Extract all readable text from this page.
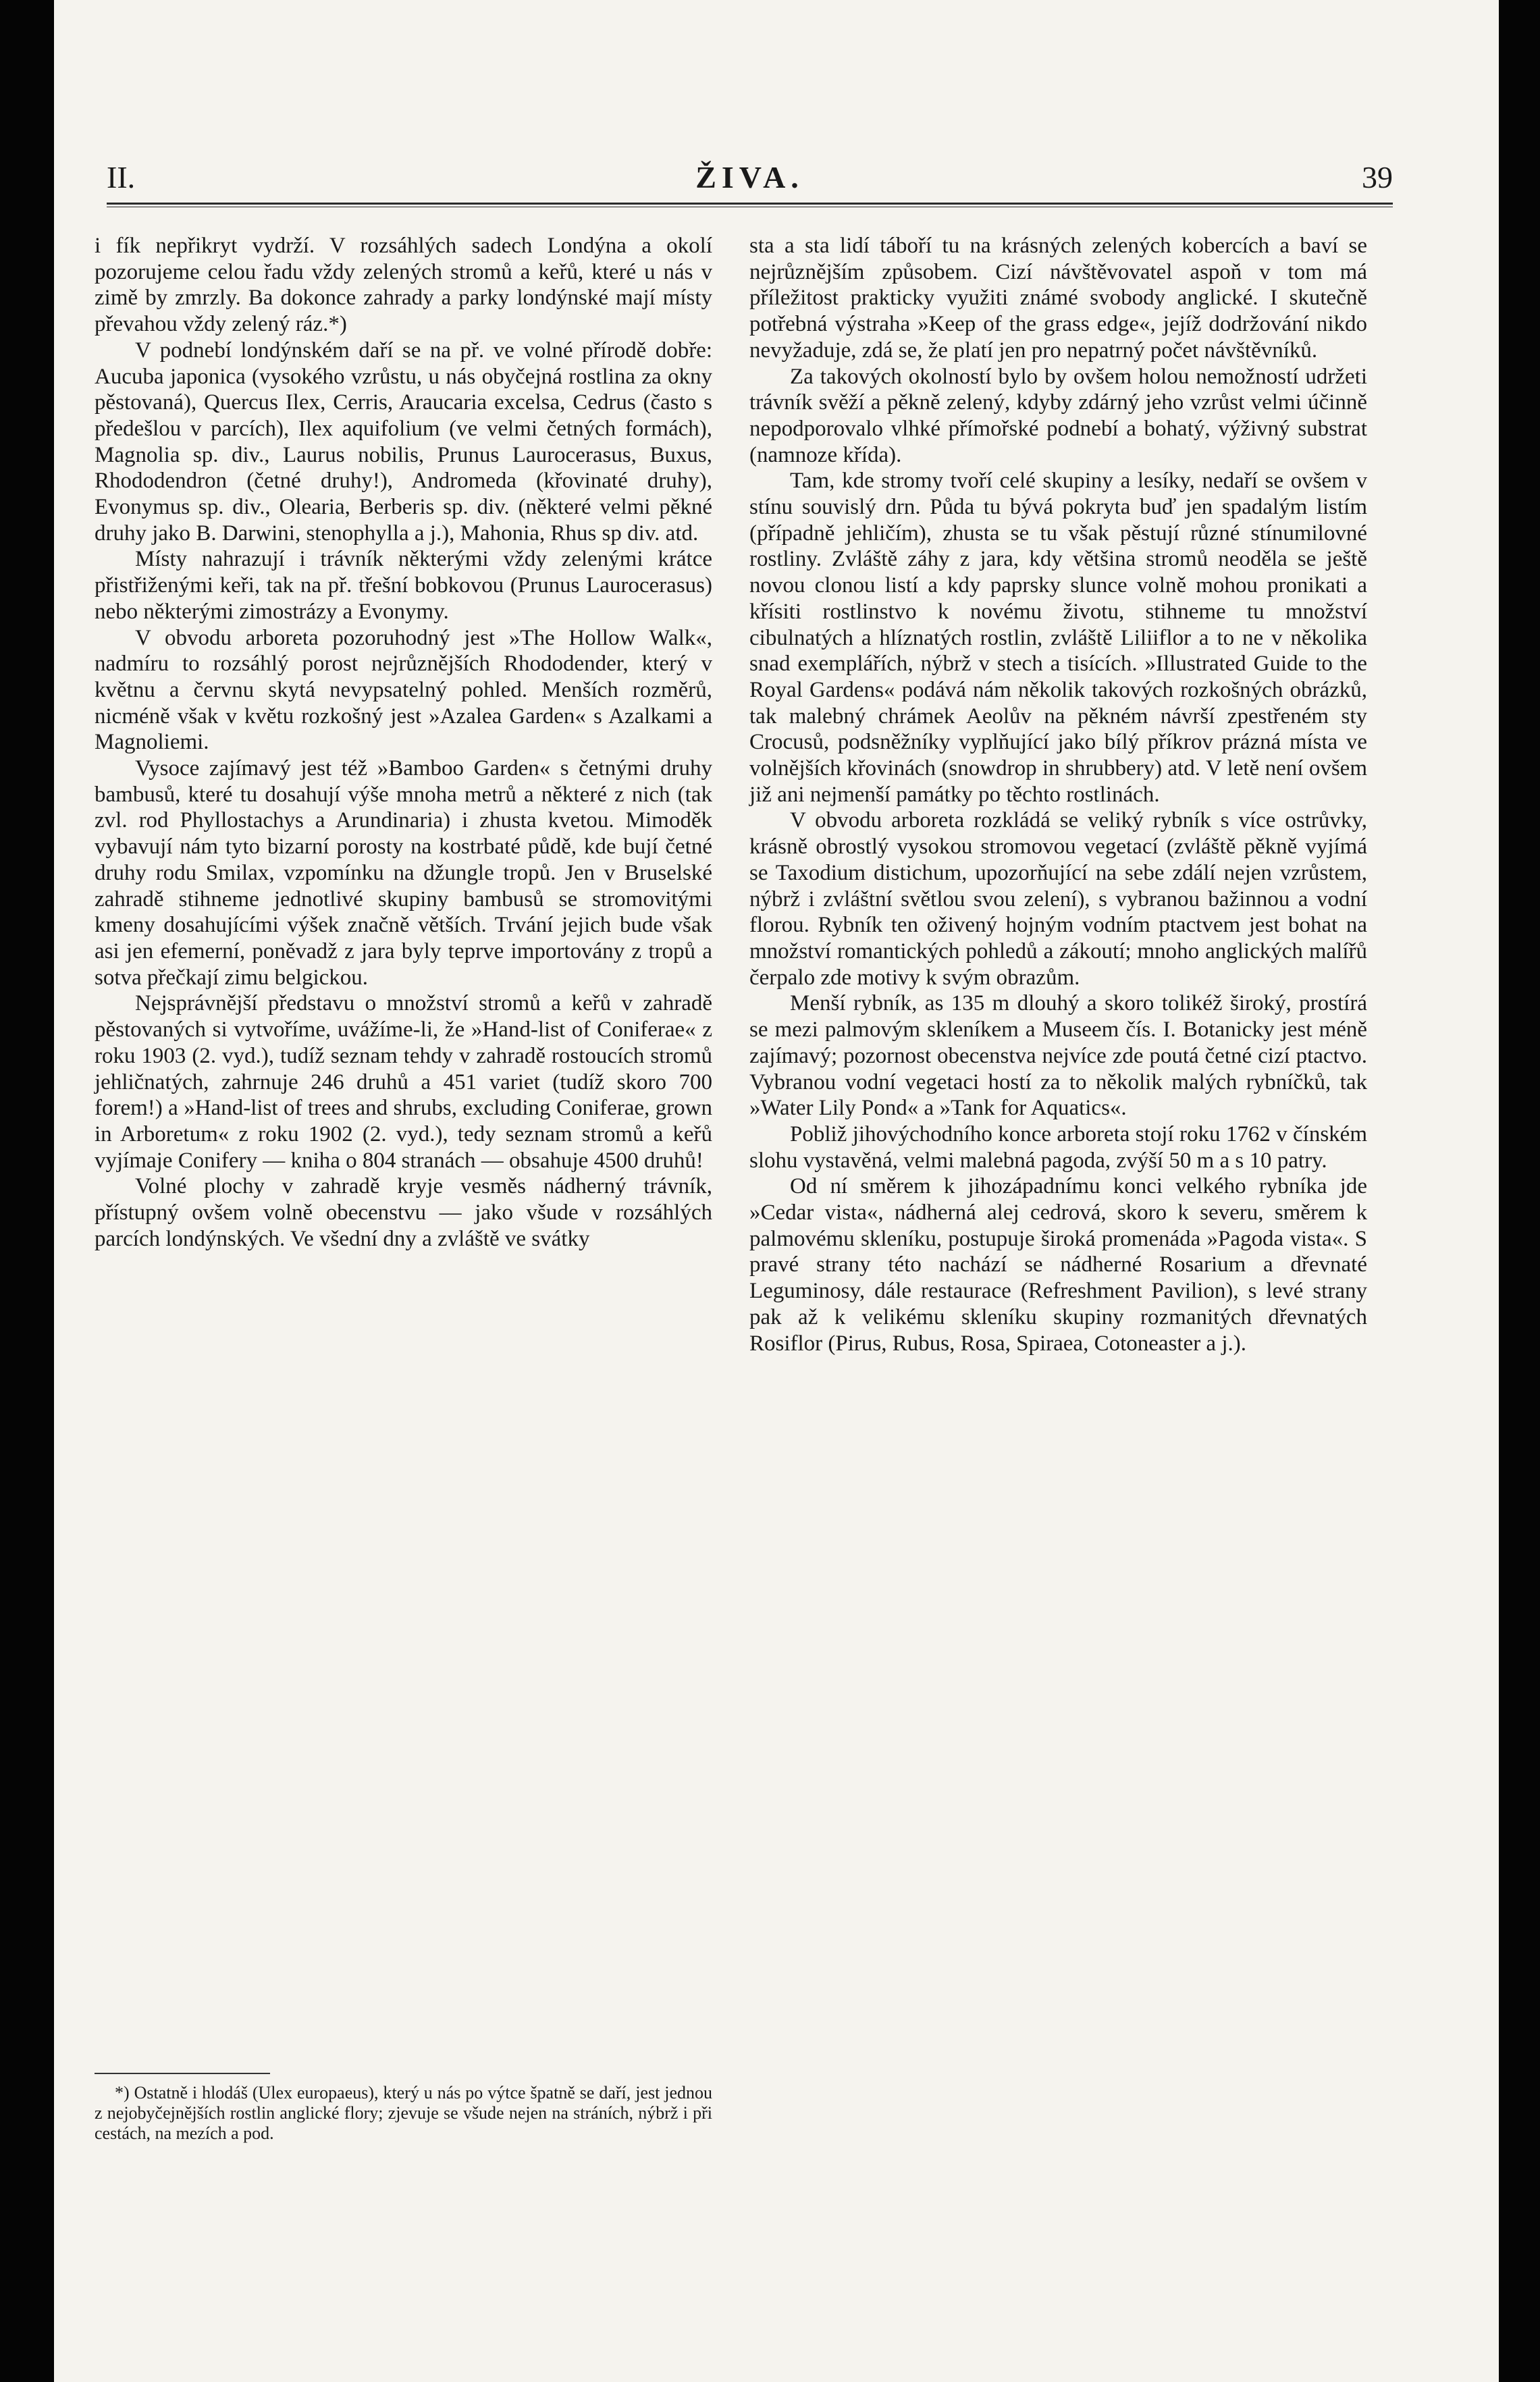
II.	ŽIVA.	39

i fík nepřikryt vydrží. V rozsáhlých sadech Londýna a okolí pozorujeme celou řadu vždy zelených stromů a keřů, které u nás v zimě by zmrzly. Ba dokonce zahrady a parky londýnské mají místy převahou vždy zelený ráz.*)

V podnebí londýnském daří se na př. ve volné přírodě dobře: Aucuba japonica (vysokého vzrůstu, u nás obyčejná rostlina za okny pěstovaná), Quercus Ilex, Cerris, Araucaria excelsa, Cedrus (často s předešlou v parcích), Ilex aquifolium (ve velmi četných formách), Magnolia sp. div., Laurus nobilis, Prunus Laurocerasus, Buxus, Rhododendron (četné druhy!), Andromeda (křovinaté druhy), Evonymus sp. div., Olearia, Berberis sp. div. (některé velmi pěkné druhy jako B. Darwini, stenophylla a j.), Mahonia, Rhus sp div. atd.

Místy nahrazují i trávník některými vždy zelenými krátce přistřiženými keři, tak na př. třešní bobkovou (Prunus Laurocerasus) nebo některými zimostrázy a Evonymy.

V obvodu arboreta pozoruhodný jest »The Hollow Walk«, nadmíru to rozsáhlý porost nejrůznějších Rhododender, který v květnu a červnu skytá nevypsatelný pohled. Menších rozměrů, nicméně však v květu rozkošný jest »Azalea Garden« s Azalkami a Magnoliemi.

Vysoce zajímavý jest též »Bamboo Garden« s četnými druhy bambusů, které tu dosahují výše mnoha metrů a některé z nich (tak zvl. rod Phyllostachys a Arundinaria) i zhusta kvetou. Mimoděk vybavují nám tyto bizarní porosty na kostrbaté půdě, kde bují četné druhy rodu Smilax, vzpomínku na džungle tropů. Jen v Bruselské zahradě stihneme jednotlivé skupiny bambusů se stromovitými kmeny dosahujícími výšek značně větších. Trvání jejich bude však asi jen efemerní, poněvadž z jara byly teprve importovány z tropů a sotva přečkají zimu belgickou.

Nejsprávnější představu o množství stromů a keřů v zahradě pěstovaných si vytvoříme, uvážíme-li, že »Hand-list of Coniferae« z roku 1903 (2. vyd.), tudíž seznam tehdy v zahradě rostoucích stromů jehličnatých, zahrnuje 246 druhů a 451 variet (tudíž skoro 700 forem!) a »Hand-list of trees and shrubs, excluding Coniferae, grown in Arboretum« z roku 1902 (2. vyd.), tedy seznam stromů a keřů vyjímaje Conifery — kniha o 804 stranách — obsahuje 4500 druhů!

Volné plochy v zahradě kryje vesměs nádherný trávník, přístupný ovšem volně obecenstvu — jako všude v rozsáhlých parcích londýnských. Ve všední dny a zvláště ve svátky

*) Ostatně i hlodáš (Ulex europaeus), který u nás po výtce špatně se daří, jest jednou z nejobyčejnějších rostlin anglické flory; zjevuje se všude nejen na stráních, nýbrž i při cestách, na mezích a pod.

sta a sta lidí táboří tu na krásných zelených kobercích a baví se nejrůznějším způsobem. Cizí návštěvovatel aspoň v tom má příležitost prakticky využiti známé svobody anglické. I skutečně potřebná výstraha »Keep of the grass edge«, jejíž dodržování nikdo nevyžaduje, zdá se, že platí jen pro nepatrný počet návštěvníků.

Za takových okolností bylo by ovšem holou nemožností udržeti trávník svěží a pěkně zelený, kdyby zdárný jeho vzrůst velmi účinně nepodporovalo vlhké přímořské podnebí a bohatý, výživný substrat (namnoze křída).

Tam, kde stromy tvoří celé skupiny a lesíky, nedaří se ovšem v stínu souvislý drn. Půda tu bývá pokryta buď jen spadalým listím (případně jehličím), zhusta se tu však pěstují různé stínumilovné rostliny. Zvláště záhy z jara, kdy většina stromů neoděla se ještě novou clonou listí a kdy paprsky slunce volně mohou pronikati a křísiti rostlinstvo k novému životu, stihneme tu množství cibulnatých a hlíznatých rostlin, zvláště Liliiflor a to ne v několika snad exemplářích, nýbrž v stech a tisících. »Illustrated Guide to the Royal Gardens« podává nám několik takových rozkošných obrázků, tak malebný chrámek Aeolův na pěkném návrší zpestřeném sty Crocusů, podsněžníky vyplňující jako bílý příkrov prázná místa ve volnějších křovinách (snowdrop in shrubbery) atd. V letě není ovšem již ani nejmenší památky po těchto rostlinách.

V obvodu arboreta rozkládá se veliký rybník s více ostrůvky, krásně obrostlý vysokou stromovou vegetací (zvláště pěkně vyjímá se Taxodium distichum, upozorňující na sebe zdálí nejen vzrůstem, nýbrž i zvláštní světlou svou zelení), s vybranou bažinnou a vodní florou. Rybník ten oživený hojným vodním ptactvem jest bohat na množství romantických pohledů a zákoutí; mnoho anglických malířů čerpalo zde motivy k svým obrazům.

Menší rybník, as 135 m dlouhý a skoro tolikéž široký, prostírá se mezi palmovým skleníkem a Museem čís. I. Botanicky jest méně zajímavý; pozornost obecenstva nejvíce zde poutá četné cizí ptactvo. Vybranou vodní vegetaci hostí za to několik malých rybníčků, tak »Water Lily Pond« a »Tank for Aquatics«.

Pobliž jihovýchodního konce arboreta stojí roku 1762 v čínském slohu vystavěná, velmi malebná pagoda, zvýší 50 m a s 10 patry.

Od ní směrem k jihozápadnímu konci velkého rybníka jde »Cedar vista«, nádherná alej cedrová, skoro k severu, směrem k palmovému skleníku, postupuje široká promenáda »Pagoda vista«. S pravé strany této nachází se nádherné Rosarium a dřevnaté Leguminosy, dále restaurace (Refreshment Pavilion), s levé strany pak až k velikému skleníku skupiny rozmanitých dřevnatých Rosiflor (Pirus, Rubus, Rosa, Spiraea, Cotoneaster a j.).
